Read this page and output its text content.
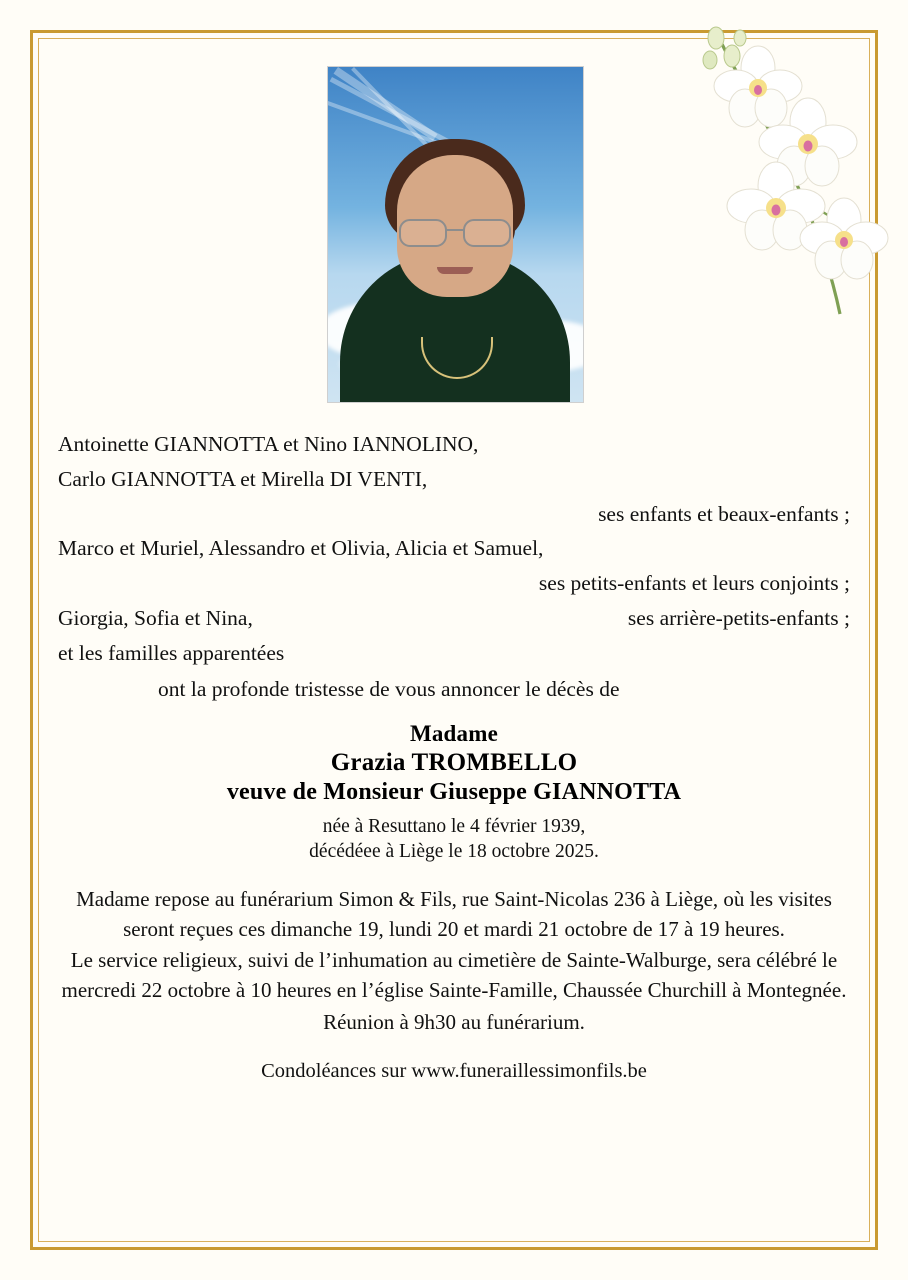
Antoinette GIANNOTTA et Nino IANNOLINO,
Carlo GIANNOTTA et Mirella DI VENTI,
ses enfants et beaux-enfants ;
Marco et Muriel, Alessandro et Olivia, Alicia et Samuel,
ses petits-enfants et leurs conjoints ;
Giorgia, Sofia et Nina,	ses arrière-petits-enfants ;
et les familles apparentées
ont la profonde tristesse de vous annoncer le décès de
Madame
Grazia TROMBELLO
veuve de Monsieur Giuseppe GIANNOTTA
née à Resuttano le 4 février 1939,
décédéee à Liège le 18 octobre 2025.

Madame repose au funérarium Simon & Fils, rue Saint-Nicolas 236 à Liège, où les visites seront reçues ces dimanche 19, lundi 20 et mardi 21 octobre de 17 à 19 heures.

Le service religieux, suivi de l’inhumation au cimetière de Sainte-Walburge, sera célébré le mercredi 22 octobre à 10 heures en l’église Sainte-Famille, Chaussée Churchill à Montegnée.

Réunion à 9h30 au funérarium.

Condoléances sur www.funeraillessimonfils.be
